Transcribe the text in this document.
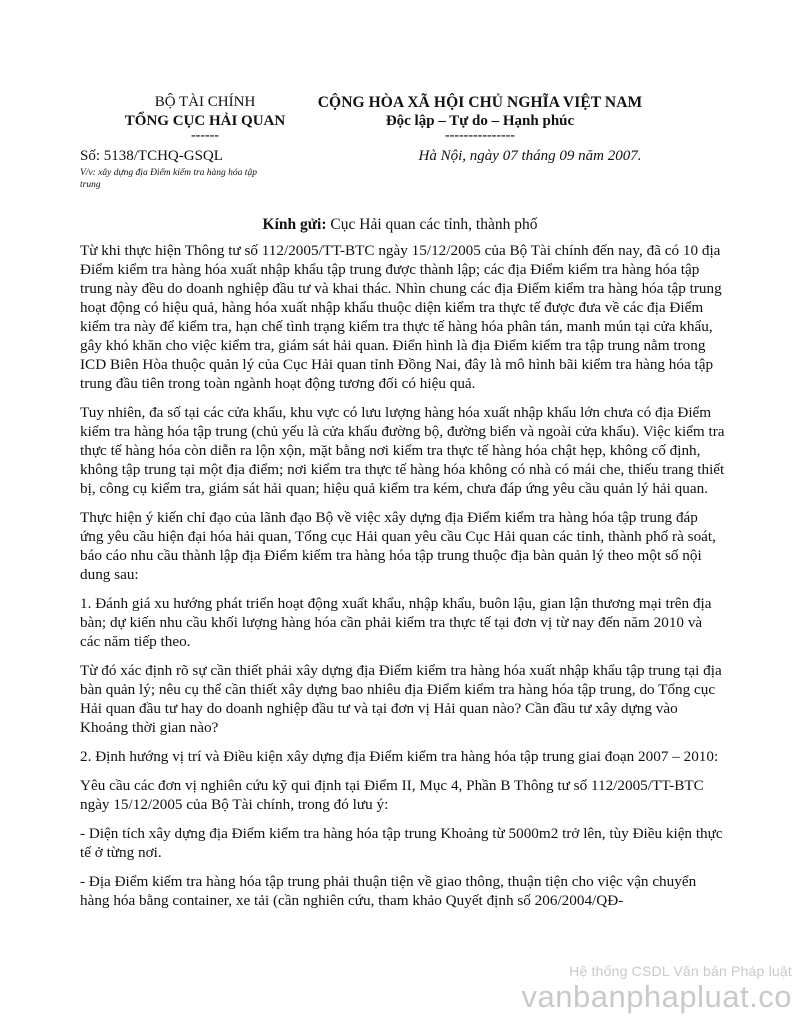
BỘ TÀI CHÍNH
TỔNG CỤC HẢI QUAN
------
CỘNG HÒA XÃ HỘI CHỦ NGHĨA VIỆT NAM
Độc lập – Tự do – Hạnh phúc
---------------
Số: 5138/TCHQ-GSQL
V/v: xây dựng địa Điểm kiểm tra hàng hóa tập trung
Hà Nội, ngày 07 tháng 09 năm 2007.
Kính gửi: Cục Hải quan các tỉnh, thành phố

Từ khi thực hiện Thông tư số 112/2005/TT-BTC ngày 15/12/2005 của Bộ Tài chính đến nay, đã có 10 địa Điểm kiểm tra hàng hóa xuất nhập khẩu tập trung được thành lập; các địa Điểm kiểm tra hàng hóa tập trung này đều do doanh nghiệp đầu tư và khai thác. Nhìn chung các địa Điểm kiểm tra hàng hóa tập trung hoạt động có hiệu quả, hàng hóa xuất nhập khẩu thuộc diện kiểm tra thực tế được đưa về các địa Điểm kiểm tra này để kiểm tra, hạn chế tình trạng kiểm tra thực tế hàng hóa phân tán, manh mún tại cửa khẩu, gây khó khăn cho việc kiểm tra, giám sát hải quan. Điển hình là địa Điểm kiểm tra tập trung nằm trong ICD Biên Hòa thuộc quản lý của Cục Hải quan tỉnh Đồng Nai, đây là mô hình bãi kiểm tra hàng hóa tập trung đầu tiên trong toàn ngành hoạt động tương đối có hiệu quả.

Tuy nhiên, đa số tại các cửa khẩu, khu vực có lưu lượng hàng hóa xuất nhập khẩu lớn chưa có địa Điểm kiểm tra hàng hóa tập trung (chủ yếu là cửa khẩu đường bộ, đường biển và ngoài cửa khẩu). Việc kiểm tra thực tế hàng hóa còn diễn ra lộn xộn, mặt bằng nơi kiểm tra thực tế hàng hóa chật hẹp, không cố định, không tập trung tại một địa điểm; nơi kiểm tra thực tế hàng hóa không có nhà có mái che, thiếu trang thiết bị, công cụ kiểm tra, giám sát hải quan; hiệu quả kiểm tra kém, chưa đáp ứng yêu cầu quản lý hải quan.

Thực hiện ý kiến chỉ đạo của lãnh đạo Bộ về việc xây dựng địa Điểm kiểm tra hàng hóa tập trung đáp ứng yêu cầu hiện đại hóa hải quan, Tổng cục Hải quan yêu cầu Cục Hải quan các tỉnh, thành phố rà soát, báo cáo nhu cầu thành lập địa Điểm kiểm tra hàng hóa tập trung thuộc địa bàn quản lý theo một số nội dung sau:

1. Đánh giá xu hướng phát triển hoạt động xuất khẩu, nhập khẩu, buôn lậu, gian lận thương mại trên địa bàn; dự kiến nhu cầu khối lượng hàng hóa cần phải kiểm tra thực tế tại đơn vị từ nay đến năm 2010 và các năm tiếp theo.

Từ đó xác định rõ sự cần thiết phải xây dựng địa Điểm kiểm tra hàng hóa xuất nhập khẩu tập trung tại địa bàn quản lý; nêu cụ thể cần thiết xây dựng bao nhiêu địa Điểm kiểm tra hàng hóa tập trung, do Tổng cục Hải quan đầu tư hay do doanh nghiệp đầu tư và tại đơn vị Hải quan nào? Cần đầu tư xây dựng vào Khoảng thời gian nào?

2. Định hướng vị trí và Điều kiện xây dựng địa Điểm kiểm tra hàng hóa tập trung giai đoạn 2007 – 2010:

Yêu cầu các đơn vị nghiên cứu kỹ qui định tại Điểm II, Mục 4, Phần B Thông tư số 112/2005/TT-BTC ngày 15/12/2005 của Bộ Tài chính, trong đó lưu ý:

- Diện tích xây dựng địa Điểm kiểm tra hàng hóa tập trung Khoảng từ 5000m2 trở lên, tùy Điều kiện thực tế ở từng nơi.

- Địa Điểm kiểm tra hàng hóa tập trung phải thuận tiện về giao thông, thuận tiện cho việc vận chuyển hàng hóa bằng container, xe tải (cần nghiên cứu, tham khảo Quyết định số 206/2004/QĐ-

Hệ thống CSDL Văn bản Pháp luật
vanbanphapluat.co
